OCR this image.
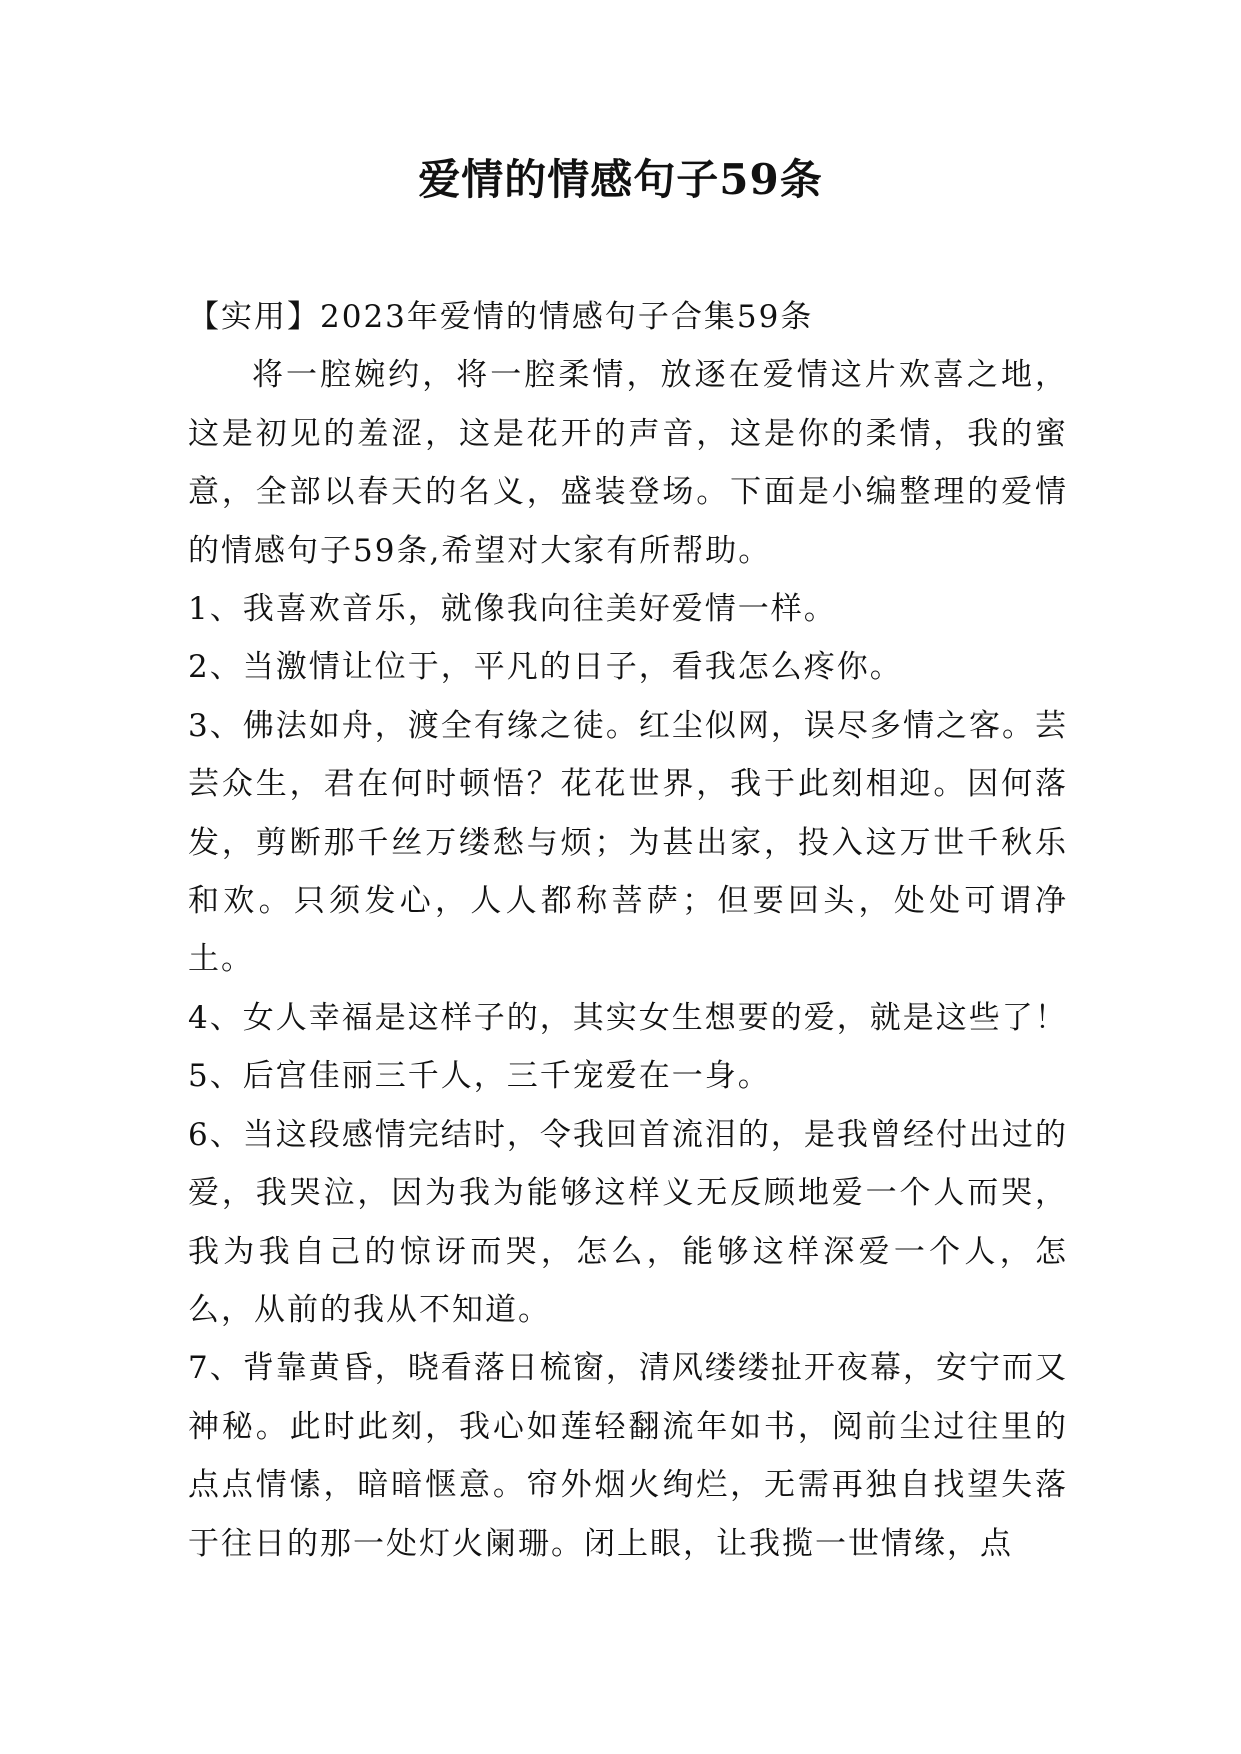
爱情的情感句子59条

【实用】2023年爱情的情感句子合集59条

将一腔婉约，将一腔柔情，放逐在爱情这片欢喜之地，这是初见的羞涩，这是花开的声音，这是你的柔情，我的蜜意，全部以春天的名义，盛装登场。下面是小编整理的爱情的情感句子59条,希望对大家有所帮助。

1、我喜欢音乐，就像我向往美好爱情一样。

2、当激情让位于，平凡的日子，看我怎么疼你。

3、佛法如舟，渡全有缘之徒。红尘似网，误尽多情之客。芸芸众生，君在何时顿悟？花花世界，我于此刻相迎。因何落发，剪断那千丝万缕愁与烦；为甚出家，投入这万世千秋乐和欢。只须发心，人人都称菩萨；但要回头，处处可谓净土。

4、女人幸福是这样子的，其实女生想要的爱，就是这些了！

5、后宫佳丽三千人，三千宠爱在一身。

6、当这段感情完结时，令我回首流泪的，是我曾经付出过的爱，我哭泣，因为我为能够这样义无反顾地爱一个人而哭，我为我自己的惊讶而哭，怎么，能够这样深爱一个人，怎么，从前的我从不知道。

7、背靠黄昏，晓看落日梳窗，清风缕缕扯开夜幕，安宁而又神秘。此时此刻，我心如莲轻翻流年如书，阅前尘过往里的点点情愫，暗暗惬意。帘外烟火绚烂，无需再独自找望失落于往日的那一处灯火阑珊。闭上眼，让我揽一世情缘，点
